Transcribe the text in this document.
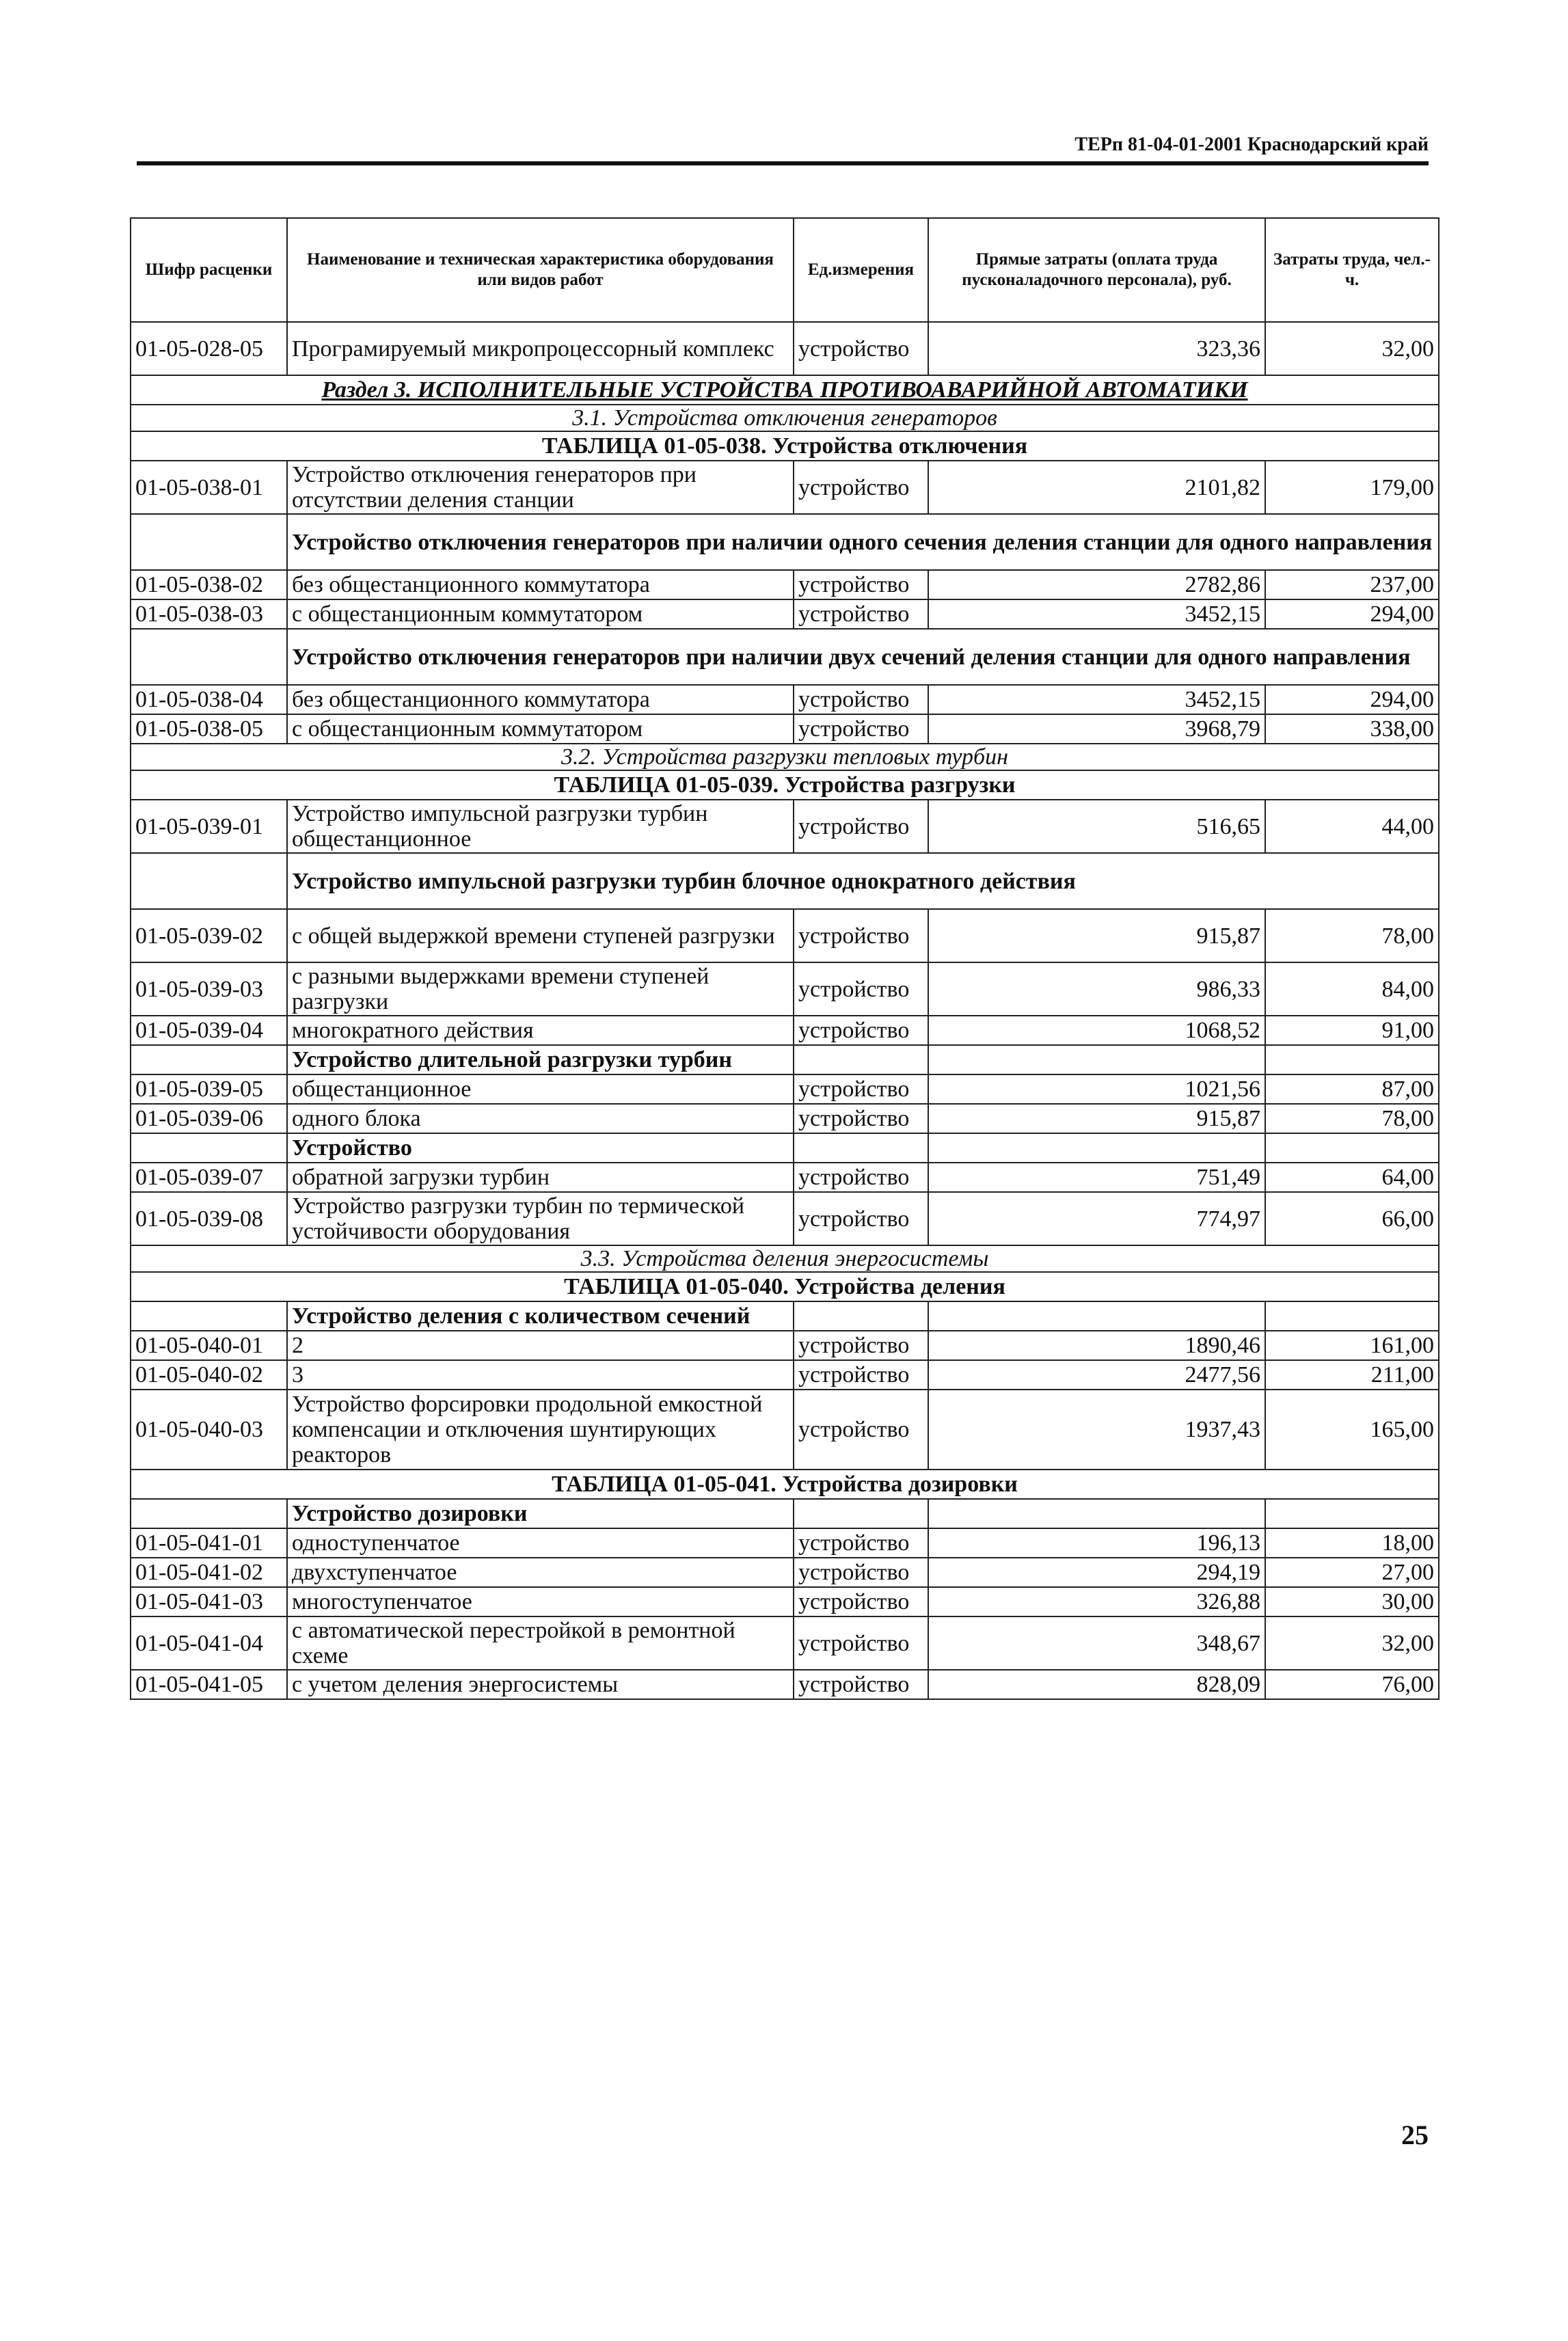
ТЕРп 81-04-01-2001 Краснодарский край
Шифр расценки	Наименование и техническая характеристика оборудования или видов работ	Ед.измерения	Прямые затраты (оплата труда пусконаладочного персонала), руб.	Затраты труда, чел.-ч.
01-05-028-05	Програмируемый микропроцессорный комплекс	устройство	323,36	32,00
Раздел 3. ИСПОЛНИТЕЛЬНЫЕ УСТРОЙСТВА ПРОТИВОАВАРИЙНОЙ АВТОМАТИКИ				
3.1. Устройства отключения генераторов				
ТАБЛИЦА 01-05-038. Устройства отключения				
01-05-038-01	Устройство отключения генераторов при отсутствии деления станции	устройство	2101,82	179,00
	Устройство отключения генераторов при наличии одного сечения деления станции для одного направления			
01-05-038-02	без общестанционного коммутатора	устройство	2782,86	237,00
01-05-038-03	с общестанционным коммутатором	устройство	3452,15	294,00
	Устройство отключения генераторов при наличии двух сечений деления станции для одного направления			
01-05-038-04	без общестанционного коммутатора	устройство	3452,15	294,00
01-05-038-05	с общестанционным коммутатором	устройство	3968,79	338,00
3.2. Устройства разгрузки тепловых турбин				
ТАБЛИЦА 01-05-039. Устройства разгрузки				
01-05-039-01	Устройство импульсной разгрузки турбин общестанционное	устройство	516,65	44,00
	Устройство импульсной разгрузки турбин блочное однократного действия			
01-05-039-02	с общей выдержкой времени ступеней разгрузки	устройство	915,87	78,00
01-05-039-03	с разными выдержками времени ступеней разгрузки	устройство	986,33	84,00
01-05-039-04	многократного действия	устройство	1068,52	91,00
	Устройство длительной разгрузки турбин			
01-05-039-05	общестанционное	устройство	1021,56	87,00
01-05-039-06	одного блока	устройство	915,87	78,00
	Устройство			
01-05-039-07	обратной загрузки турбин	устройство	751,49	64,00
01-05-039-08	Устройство разгрузки турбин по термической устойчивости оборудования	устройство	774,97	66,00
3.3. Устройства деления энергосистемы				
ТАБЛИЦА 01-05-040. Устройства деления				
	Устройство деления с количеством сечений			
01-05-040-01	2	устройство	1890,46	161,00
01-05-040-02	3	устройство	2477,56	211,00
01-05-040-03	Устройство форсировки продольной емкостной компенсации и отключения шунтирующих реакторов	устройство	1937,43	165,00
ТАБЛИЦА 01-05-041. Устройства дозировки				
	Устройство дозировки			
01-05-041-01	одноступенчатое	устройство	196,13	18,00
01-05-041-02	двухступенчатое	устройство	294,19	27,00
01-05-041-03	многоступенчатое	устройство	326,88	30,00
01-05-041-04	с автоматической перестройкой в ремонтной схеме	устройство	348,67	32,00
01-05-041-05	с учетом деления энергосистемы	устройство	828,09	76,00
25
